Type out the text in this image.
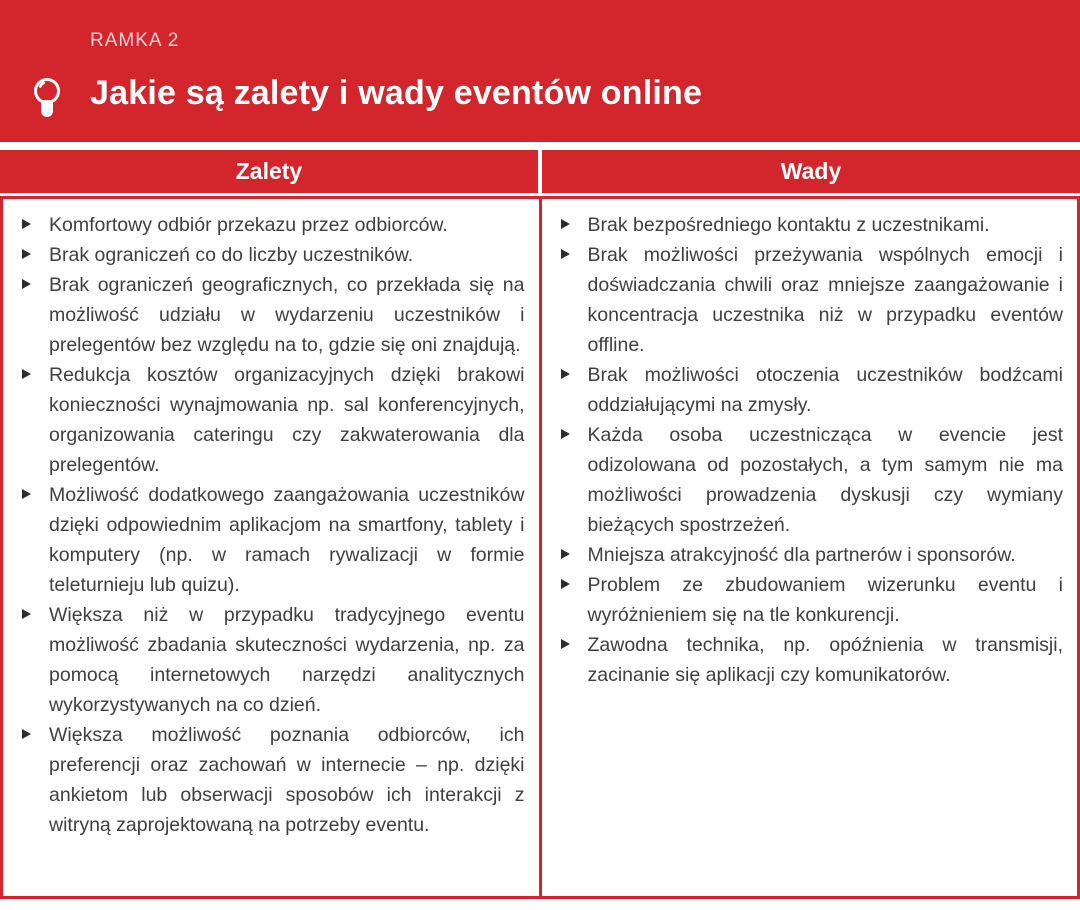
RAMKA 2
Jakie są zalety i wady eventów online
Zalety	Wady
Komfortowy odbiór przekazu przez odbiorców.
Brak ograniczeń co do liczby uczestników.
Brak ograniczeń geograficznych, co przekłada się na możliwość udziału w wydarzeniu uczestników i prelegentów bez względu na to, gdzie się oni znajdują.
Redukcja kosztów organizacyjnych dzięki brakowi konieczności wynajmowania np. sal konferencyjnych, organizowania cateringu czy zakwaterowania dla prelegentów.
Możliwość dodatkowego zaangażowania uczestników dzięki odpowiednim aplikacjom na smartfony, tablety i komputery (np. w ramach rywalizacji w formie teleturnieju lub quizu).
Większa niż w przypadku tradycyjnego eventu możliwość zbadania skuteczności wydarzenia, np. za pomocą internetowych narzędzi analitycznych wykorzystywanych na co dzień.
Większa możliwość poznania odbiorców, ich preferencji oraz zachowań w internecie – np. dzięki ankietom lub obserwacji sposobów ich interakcji z witryną zaprojektowaną na potrzeby eventu.
Brak bezpośredniego kontaktu z uczestnikami.
Brak możliwości przeżywania wspólnych emocji i doświadczania chwili oraz mniejsze zaangażowanie i koncentracja uczestnika niż w przypadku eventów offline.
Brak możliwości otoczenia uczestników bodźcami oddziałującymi na zmysły.
Każda osoba uczestnicząca w evencie jest odizolowana od pozostałych, a tym samym nie ma możliwości prowadzenia dyskusji czy wymiany bieżących spostrzeżeń.
Mniejsza atrakcyjność dla partnerów i sponsorów.
Problem ze zbudowaniem wizerunku eventu i wyróżnieniem się na tle konkurencji.
Zawodna technika, np. opóźnienia w transmisji, zacinanie się aplikacji czy komunikatorów.
